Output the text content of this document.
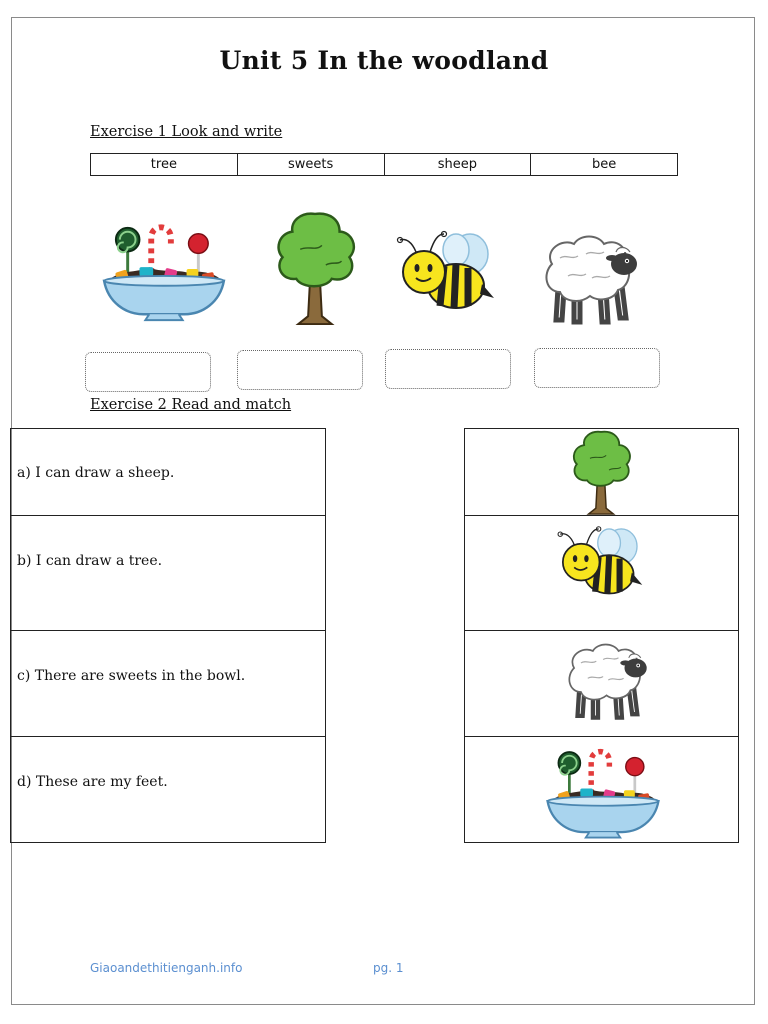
Unit 5 In the woodland
Exercise 1 Look and write
tree	sweets	sheep	bee
Exercise 2 Read and match
a) I can draw a sheep.
b) I can draw a tree.
c) There are sweets in the bowl.
d) These are my feet.
Giaoandethitienganh.info	pg. 1
